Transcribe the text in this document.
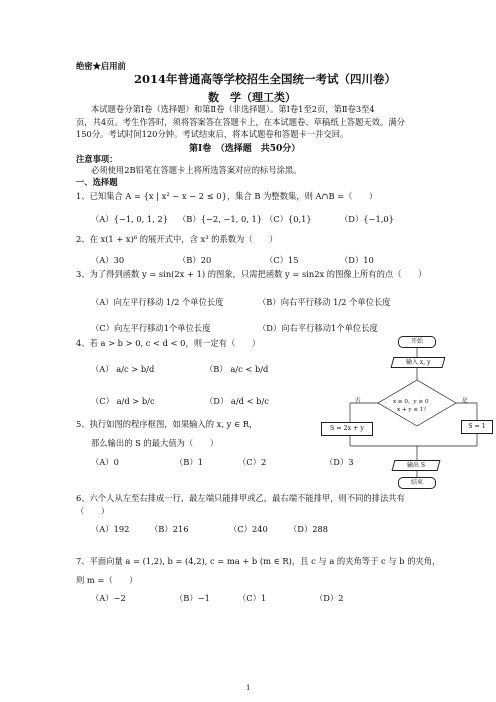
绝密★启用前
2014年普通高等学校招生全国统一考试（四川卷）
数　学（理工类）
本试题卷分第Ⅰ卷（选择题）和第Ⅱ卷（非选择题）。第Ⅰ卷1至2页，第Ⅱ卷3至4
页，共4页。考生作答时，须将答案答在答题卡上，在本试题卷、草稿纸上答题无效。满分
150分。考试时间120分钟。考试结束后，将本试题卷和答题卡一并交回。
第Ⅰ卷　（选择题　共50分）
注意事项：
必须使用2B铅笔在答题卡上将所选答案对应的标号涂黑。
一、选择题
1、已知集合 A = {x | x² − x − 2 ≤ 0}，集合 B 为整数集，则 A∩B =（　　）
（A）{−1, 0, 1, 2} （B）{−2, −1, 0, 1} （C）{0,1}	（D）{−1,0}
2、在 x(1 + x)⁶ 的展开式中，含 x³ 的系数为（　　）
（A）30	（B）20	（C）15	（D）10
3、为了得到函数 y = sin(2x + 1) 的图象，只需把函数 y = sin2x 的图像上所有的点（　　）
（A）向左平行移动 1/2 个单位长度	（B）向右平行移动 1/2 个单位长度
（C）向左平行移动1个单位长度	（D）向右平行移动1个单位长度
4、若 a > b > 0, c < d < 0，则一定有（　　）
（A） a/c > b/d	（B） a/c < b/d
（C） a/d > b/c	（D） a/d < b/c
5、执行如图的程序框图，如果输入的 x, y ∈ R，
那么输出的 S 的最大值为（　　）
（A）0	（B）1	（C）2	（D）3
开始
输入 x, y
x ≥ 0，y ≥ 0
x + y ≤ 1？
否	是
S = 2x + y	S = 1
输出 S
结束
6、六个人从左至右排成一行，最左端只能排甲或乙，最右端不能排甲，则不同的排法共有
（　　）
（A）192 （B）216	（C）240	（D）288
7、平面向量 a = (1,2), b = (4,2), c = ma + b (m ∈ R)，且 c 与 a 的夹角等于 c 与 b 的夹角，
则 m =（　　）
（A）−2	（B）−1	（C）1	（D）2
1
